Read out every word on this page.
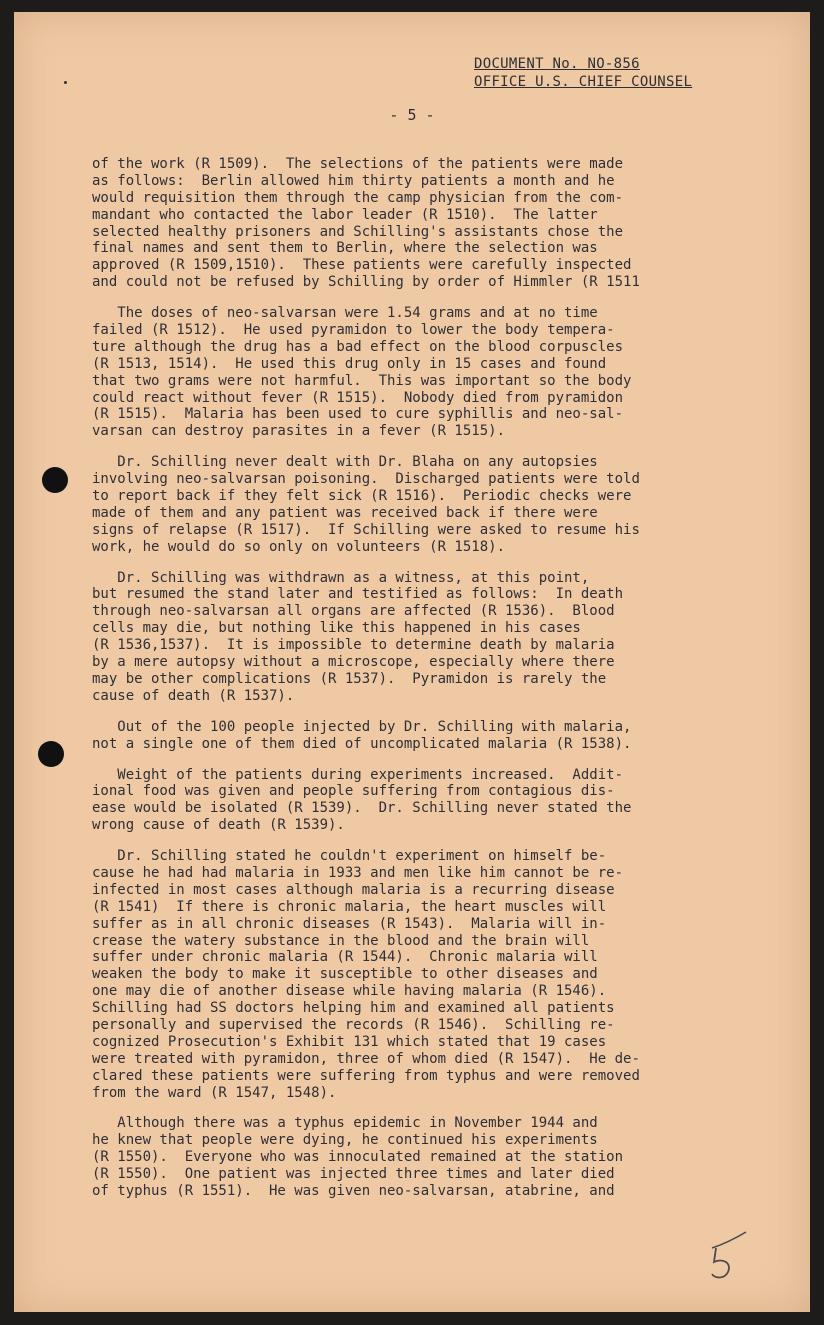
DOCUMENT No. NO-856
OFFICE U.S. CHIEF COUNSEL
- 5 -
of the work (R 1509).  The selections of the patients were made
as follows:  Berlin allowed him thirty patients a month and he
would requisition them through the camp physician from the com-
mandant who contacted the labor leader (R 1510).  The latter
selected healthy prisoners and Schilling's assistants chose the
final names and sent them to Berlin, where the selection was
approved (R 1509,1510).  These patients were carefully inspected
and could not be refused by Schilling by order of Himmler (R 1511
The doses of neo-salvarsan were 1.54 grams and at no time
failed (R 1512).  He used pyramidon to lower the body tempera-
ture although the drug has a bad effect on the blood corpuscles
(R 1513, 1514).  He used this drug only in 15 cases and found
that two grams were not harmful.  This was important so the body
could react without fever (R 1515).  Nobody died from pyramidon
(R 1515).  Malaria has been used to cure syphillis and neo-sal-
varsan can destroy parasites in a fever (R 1515).
Dr. Schilling never dealt with Dr. Blaha on any autopsies
involving neo-salvarsan poisoning.  Discharged patients were told
to report back if they felt sick (R 1516).  Periodic checks were
made of them and any patient was received back if there were
signs of relapse (R 1517).  If Schilling were asked to resume his
work, he would do so only on volunteers (R 1518).
Dr. Schilling was withdrawn as a witness, at this point,
but resumed the stand later and testified as follows:  In death
through neo-salvarsan all organs are affected (R 1536).  Blood
cells may die, but nothing like this happened in his cases
(R 1536,1537).  It is impossible to determine death by malaria
by a mere autopsy without a microscope, especially where there
may be other complications (R 1537).  Pyramidon is rarely the
cause of death (R 1537).
Out of the 100 people injected by Dr. Schilling with malaria,
not a single one of them died of uncomplicated malaria (R 1538).
Weight of the patients during experiments increased.  Addit-
ional food was given and people suffering from contagious dis-
ease would be isolated (R 1539).  Dr. Schilling never stated the
wrong cause of death (R 1539).
Dr. Schilling stated he couldn't experiment on himself be-
cause he had had malaria in 1933 and men like him cannot be re-
infected in most cases although malaria is a recurring disease
(R 1541)  If there is chronic malaria, the heart muscles will
suffer as in all chronic diseases (R 1543).  Malaria will in-
crease the watery substance in the blood and the brain will
suffer under chronic malaria (R 1544).  Chronic malaria will
weaken the body to make it susceptible to other diseases and
one may die of another disease while having malaria (R 1546).
Schilling had SS doctors helping him and examined all patients
personally and supervised the records (R 1546).  Schilling re-
cognized Prosecution's Exhibit 131 which stated that 19 cases
were treated with pyramidon, three of whom died (R 1547).  He de-
clared these patients were suffering from typhus and were removed
from the ward (R 1547, 1548).
Although there was a typhus epidemic in November 1944 and
he knew that people were dying, he continued his experiments
(R 1550).  Everyone who was innoculated remained at the station
(R 1550).  One patient was injected three times and later died
of typhus (R 1551).  He was given neo-salvarsan, atabrine, and
